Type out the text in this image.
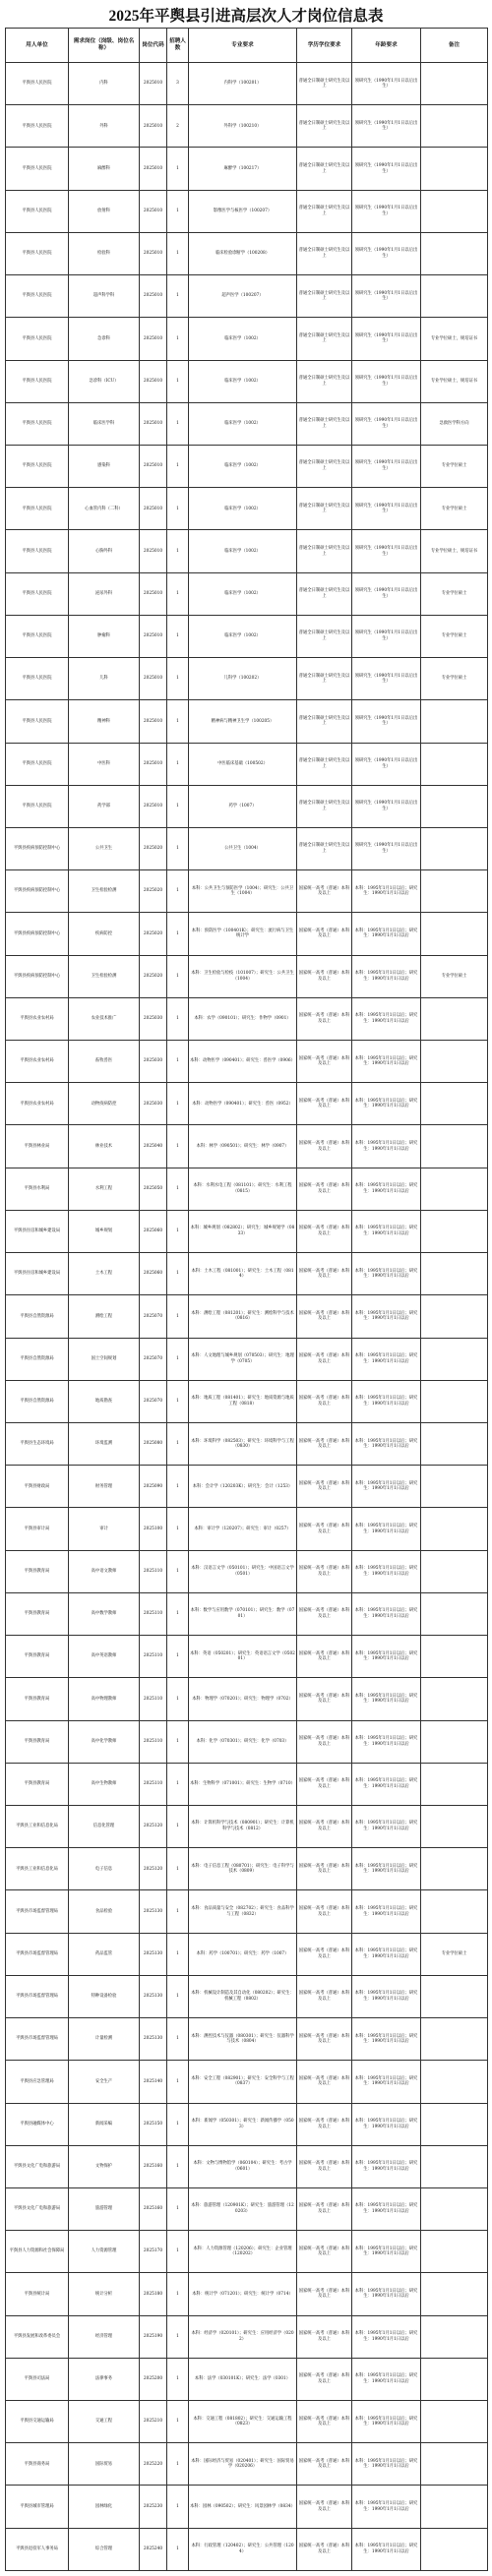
2025年平舆县引进高层次人才岗位信息表
用人单位	需求岗位（岗级、岗位名称）	岗位代码	招聘人数	专业要求	学历学位要求	年龄要求	备注
平舆县人民医院	内科	2025010	3	内科学（100201）	普通全日制硕士研究生及以上	须研究生（1990年1月1日以后出生）	
平舆县人民医院	外科	2025010	2	外科学（100210）	普通全日制硕士研究生及以上	须研究生（1990年1月1日以后出生）	
平舆县人民医院	麻醉科	2025010	1	麻醉学（100217）	普通全日制硕士研究生及以上	须研究生（1990年1月1日以后出生）	
平舆县人民医院	放射科	2025010	1	影像医学与核医学（100207）	普通全日制硕士研究生及以上	须研究生（1990年1月1日以后出生）	
平舆县人民医院	检验科	2025010	1	临床检验诊断学（100208）	普通全日制硕士研究生及以上	须研究生（1990年1月1日以后出生）	
平舆县人民医院	超声科学科	2025010	1	超声医学（100207）	普通全日制硕士研究生及以上	须研究生（1990年1月1日以后出生）	
平舆县人民医院	急诊科	2025010	1	临床医学（1002）	普通全日制硕士研究生及以上	须研究生（1990年1月1日以后出生）	专业学位硕士，规培证书
平舆县人民医院	急诊科（ICU）	2025010	1	临床医学（1002）	普通全日制硕士研究生及以上	须研究生（1990年1月1日以后出生）	专业学位硕士，规培证书
平舆县人民医院	临床医学科	2025010	1	临床医学（1002）	普通全日制硕士研究生及以上	须研究生（1990年1月1日以后出生）	急救医学科方向
平舆县人民医院	感染科	2025010	1	临床医学（1002）	普通全日制硕士研究生及以上	须研究生（1990年1月1日以后出生）	专业学位硕士
平舆县人民医院	心血管内科（二科）	2025010	1	临床医学（1002）	普通全日制硕士研究生及以上	须研究生（1990年1月1日以后出生）	专业学位硕士
平舆县人民医院	心胸外科	2025010	1	临床医学（1002）	普通全日制硕士研究生及以上	须研究生（1990年1月1日以后出生）	专业学位硕士，规培证书
平舆县人民医院	泌尿外科	2025010	1	临床医学（1002）	普通全日制硕士研究生及以上	须研究生（1990年1月1日以后出生）	专业学位硕士
平舆县人民医院	肿瘤科	2025010	1	临床医学（1002）	普通全日制硕士研究生及以上	须研究生（1990年1月1日以后出生）	专业学位硕士
平舆县人民医院	儿科	2025010	1	儿科学（100202）	普通全日制硕士研究生及以上	须研究生（1990年1月1日以后出生）	专业学位硕士
平舆县人民医院	精神科	2025010	1	精神病与精神卫生学（100205）	普通全日制硕士研究生及以上	须研究生（1990年1月1日以后出生）	
平舆县人民医院	中医科	2025010	1	中医临床基础（100502）	普通全日制硕士研究生及以上	须研究生（1990年1月1日以后出生）	
平舆县人民医院	药学部	2025010	1	药学（1007）	普通全日制硕士研究生及以上	须研究生（1990年1月1日以后出生）	
平舆县疾病预防控制中心	公共卫生	2025020	1	公共卫生（1004）	普通全日制硕士研究生及以上	须研究生（1990年1月1日以后出生）	
平舆县疾病预防控制中心	卫生检验检测	2025020	1	本科：公共卫生与预防医学（1004）；研究生：公共卫生（1004）	国家统一高考（普通）本科及以上	本科：1995年1月1日以后；研究生：1990年1月1日以后	
平舆县疾病预防控制中心	疾病防控	2025020	1	本科：预防医学（100401K）；研究生：流行病与卫生统计学	国家统一高考（普通）本科及以上	本科：1995年1月1日以后；研究生：1990年1月1日以后	
平舆县疾病预防控制中心	卫生检验检测	2025020	1	本科：卫生检验与检疫（101007）；研究生：公共卫生（1004）	国家统一高考（普通）本科及以上	本科：1995年1月1日以后；研究生：1990年1月1日以后	专业学位硕士
平舆县农业农村局	农业技术推广	2025030	1	本科：农学（090101）；研究生：作物学（0901）	国家统一高考（普通）本科及以上	本科：1995年1月1日以后；研究生：1990年1月1日以后	
平舆县农业农村局	畜牧兽医	2025030	1	本科：动物医学（090401）；研究生：兽医学（0906）	国家统一高考（普通）本科及以上	本科：1995年1月1日以后；研究生：1990年1月1日以后	
平舆县农业农村局	动物疫病防控	2025030	1	本科：动物医学（090401）；研究生：兽医（0952）	国家统一高考（普通）本科及以上	本科：1995年1月1日以后；研究生：1990年1月1日以后	
平舆县林业局	林业技术	2025040	1	本科：林学（090501）；研究生：林学（0907）	国家统一高考（普通）本科及以上	本科：1995年1月1日以后；研究生：1990年1月1日以后	
平舆县水利局	水利工程	2025050	1	本科：水利水电工程（081101）；研究生：水利工程（0815）	国家统一高考（普通）本科及以上	本科：1995年1月1日以后；研究生：1990年1月1日以后	
平舆县住房和城乡建设局	城乡规划	2025060	1	本科：城乡规划（082802）；研究生：城乡规划学（0833）	国家统一高考（普通）本科及以上	本科：1995年1月1日以后；研究生：1990年1月1日以后	
平舆县住房和城乡建设局	土木工程	2025060	1	本科：土木工程（081001）；研究生：土木工程（0814）	国家统一高考（普通）本科及以上	本科：1995年1月1日以后；研究生：1990年1月1日以后	
平舆县自然资源局	测绘工程	2025070	1	本科：测绘工程（081201）；研究生：测绘科学与技术（0816）	国家统一高考（普通）本科及以上	本科：1995年1月1日以后；研究生：1990年1月1日以后	
平舆县自然资源局	国土空间规划	2025070	1	本科：人文地理与城乡规划（070503）；研究生：地理学（0705）	国家统一高考（普通）本科及以上	本科：1995年1月1日以后；研究生：1990年1月1日以后	
平舆县自然资源局	地质勘查	2025070	1	本科：地质工程（081401）；研究生：地质资源与地质工程（0818）	国家统一高考（普通）本科及以上	本科：1995年1月1日以后；研究生：1990年1月1日以后	
平舆县生态环境局	环境监测	2025080	1	本科：环境科学（082503）；研究生：环境科学与工程（0830）	国家统一高考（普通）本科及以上	本科：1995年1月1日以后；研究生：1990年1月1日以后	
平舆县财政局	财务管理	2025090	1	本科：会计学（120203K）；研究生：会计（1253）	国家统一高考（普通）本科及以上	本科：1995年1月1日以后；研究生：1990年1月1日以后	
平舆县审计局	审计	2025100	1	本科：审计学（120207）；研究生：审计（0257）	国家统一高考（普通）本科及以上	本科：1995年1月1日以后；研究生：1990年1月1日以后	
平舆县教育局	高中语文教师	2025110	1	本科：汉语言文学（050101）；研究生：中国语言文学（0501）	国家统一高考（普通）本科及以上	本科：1995年1月1日以后；研究生：1990年1月1日以后	
平舆县教育局	高中数学教师	2025110	1	本科：数学与应用数学（070101）；研究生：数学（0701）	国家统一高考（普通）本科及以上	本科：1995年1月1日以后；研究生：1990年1月1日以后	
平舆县教育局	高中英语教师	2025110	1	本科：英语（050201）；研究生：英语语言文学（050201）	国家统一高考（普通）本科及以上	本科：1995年1月1日以后；研究生：1990年1月1日以后	
平舆县教育局	高中物理教师	2025110	1	本科：物理学（070201）；研究生：物理学（0702）	国家统一高考（普通）本科及以上	本科：1995年1月1日以后；研究生：1990年1月1日以后	
平舆县教育局	高中化学教师	2025110	1	本科：化学（070301）；研究生：化学（0703）	国家统一高考（普通）本科及以上	本科：1995年1月1日以后；研究生：1990年1月1日以后	
平舆县教育局	高中生物教师	2025110	1	本科：生物科学（071001）；研究生：生物学（0710）	国家统一高考（普通）本科及以上	本科：1995年1月1日以后；研究生：1990年1月1日以后	
平舆县工业和信息化局	信息化管理	2025120	1	本科：计算机科学与技术（080901）；研究生：计算机科学与技术（0812）	国家统一高考（普通）本科及以上	本科：1995年1月1日以后；研究生：1990年1月1日以后	
平舆县工业和信息化局	电子信息	2025120	1	本科：电子信息工程（080701）；研究生：电子科学与技术（0809）	国家统一高考（普通）本科及以上	本科：1995年1月1日以后；研究生：1990年1月1日以后	
平舆县市场监督管理局	食品检验	2025130	1	本科：食品质量与安全（082702）；研究生：食品科学与工程（0832）	国家统一高考（普通）本科及以上	本科：1995年1月1日以后；研究生：1990年1月1日以后	
平舆县市场监督管理局	药品监管	2025130	1	本科：药学（100701）；研究生：药学（1007）	国家统一高考（普通）本科及以上	本科：1995年1月1日以后；研究生：1990年1月1日以后	专业学位硕士
平舆县市场监督管理局	特种设备检验	2025130	1	本科：机械设计制造及其自动化（080202）；研究生：机械工程（0802）	国家统一高考（普通）本科及以上	本科：1995年1月1日以后；研究生：1990年1月1日以后	
平舆县市场监督管理局	计量检测	2025130	1	本科：测控技术与仪器（080301）；研究生：仪器科学与技术（0804）	国家统一高考（普通）本科及以上	本科：1995年1月1日以后；研究生：1990年1月1日以后	
平舆县应急管理局	安全生产	2025140	1	本科：安全工程（082901）；研究生：安全科学与工程（0837）	国家统一高考（普通）本科及以上	本科：1995年1月1日以后；研究生：1990年1月1日以后	
平舆县融媒体中心	新闻采编	2025150	1	本科：新闻学（050301）；研究生：新闻传播学（0503）	国家统一高考（普通）本科及以上	本科：1995年1月1日以后；研究生：1990年1月1日以后	
平舆县文化广电和旅游局	文物保护	2025160	1	本科：文物与博物馆学（060104）；研究生：考古学（0601）	国家统一高考（普通）本科及以上	本科：1995年1月1日以后；研究生：1990年1月1日以后	
平舆县文化广电和旅游局	旅游管理	2025160	1	本科：旅游管理（120901K）；研究生：旅游管理（120203）	国家统一高考（普通）本科及以上	本科：1995年1月1日以后；研究生：1990年1月1日以后	
平舆县人力资源和社会保障局	人力资源管理	2025170	1	本科：人力资源管理（120206）；研究生：企业管理（120202）	国家统一高考（普通）本科及以上	本科：1995年1月1日以后；研究生：1990年1月1日以后	
平舆县统计局	统计分析	2025180	1	本科：统计学（071201）；研究生：统计学（0714）	国家统一高考（普通）本科及以上	本科：1995年1月1日以后；研究生：1990年1月1日以后	
平舆县发展和改革委员会	经济管理	2025190	1	本科：经济学（020101）；研究生：应用经济学（0202）	国家统一高考（普通）本科及以上	本科：1995年1月1日以后；研究生：1990年1月1日以后	
平舆县司法局	法律事务	2025200	1	本科：法学（030101K）；研究生：法学（0301）	国家统一高考（普通）本科及以上	本科：1995年1月1日以后；研究生：1990年1月1日以后	
平舆县交通运输局	交通工程	2025210	1	本科：交通工程（081802）；研究生：交通运输工程（0823）	国家统一高考（普通）本科及以上	本科：1995年1月1日以后；研究生：1990年1月1日以后	
平舆县商务局	国际贸易	2025220	1	本科：国际经济与贸易（020401）；研究生：国际贸易学（020206）	国家统一高考（普通）本科及以上	本科：1995年1月1日以后；研究生：1990年1月1日以后	
平舆县城市管理局	园林绿化	2025230	1	本科：园林（090502）；研究生：风景园林学（0834）	国家统一高考（普通）本科及以上	本科：1995年1月1日以后；研究生：1990年1月1日以后	
平舆县退役军人事务局	综合管理	2025240	1	本科：行政管理（120402）；研究生：公共管理（1204）	国家统一高考（普通）本科及以上	本科：1995年1月1日以后；研究生：1990年1月1日以后	
